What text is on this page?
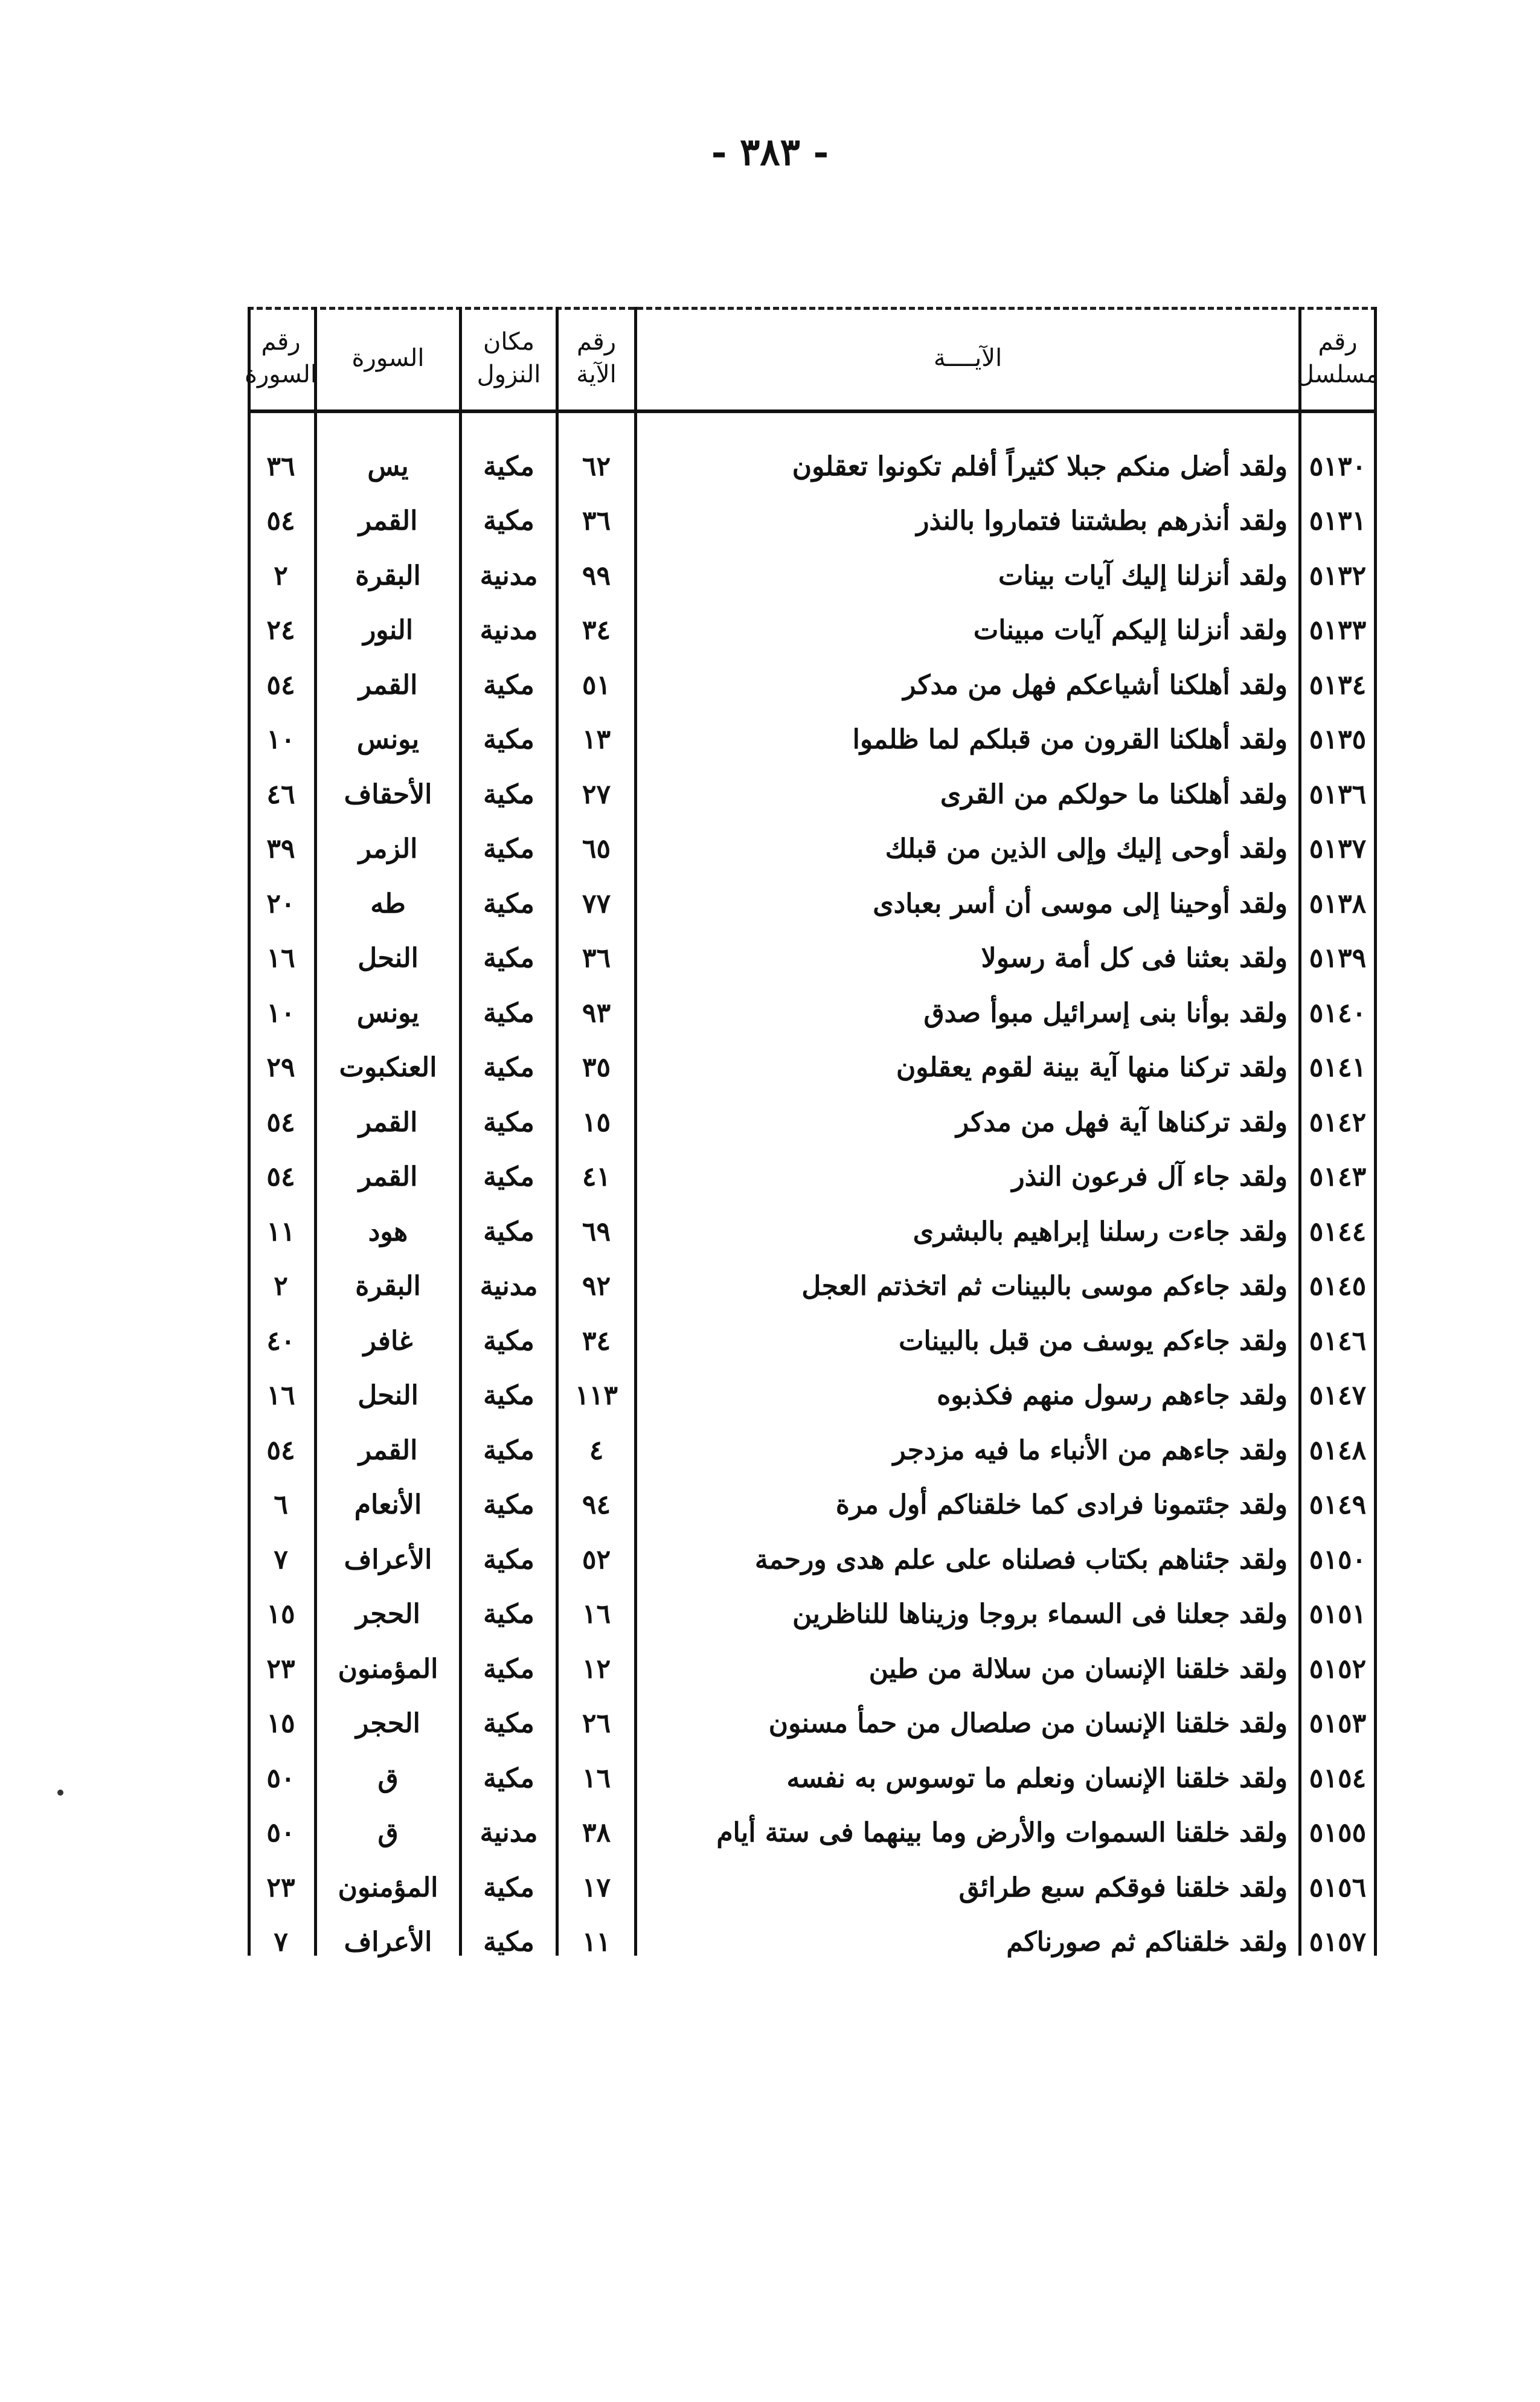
- ٣٨٣ -
رقم
مسلسل
الآيــــة
رقم
الآية
مكان
النزول
السورة
رقم
السورة
٥١٣٠
ولقد أضل منكم جبلا كثيراً أفلم تكونوا تعقلون
٦٢
مكية
يس
٣٦
٥١٣١
ولقد أنذرهم بطشتنا فتماروا بالنذر
٣٦
مكية
القمر
٥٤
٥١٣٢
ولقد أنزلنا إليك آيات بينات
٩٩
مدنية
البقرة
٢
٥١٣٣
ولقد أنزلنا إليكم آيات مبينات
٣٤
مدنية
النور
٢٤
٥١٣٤
ولقد أهلكنا أشياعكم فهل من مدكر
٥١
مكية
القمر
٥٤
٥١٣٥
ولقد أهلكنا القرون من قبلكم لما ظلموا
١٣
مكية
يونس
١٠
٥١٣٦
ولقد أهلكنا ما حولكم من القرى
٢٧
مكية
الأحقاف
٤٦
٥١٣٧
ولقد أوحى إليك وإلى الذين من قبلك
٦٥
مكية
الزمر
٣٩
٥١٣٨
ولقد أوحينا إلى موسى أن أسر بعبادى
٧٧
مكية
طه
٢٠
٥١٣٩
ولقد بعثنا فى كل أمة رسولا
٣٦
مكية
النحل
١٦
٥١٤٠
ولقد بوأنا بنى إسرائيل مبوأ صدق
٩٣
مكية
يونس
١٠
٥١٤١
ولقد تركنا منها آية بينة لقوم يعقلون
٣٥
مكية
العنكبوت
٢٩
٥١٤٢
ولقد تركناها آية فهل من مدكر
١٥
مكية
القمر
٥٤
٥١٤٣
ولقد جاء آل فرعون النذر
٤١
مكية
القمر
٥٤
٥١٤٤
ولقد جاءت رسلنا إبراهيم بالبشرى
٦٩
مكية
هود
١١
٥١٤٥
ولقد جاءكم موسى بالبينات ثم اتخذتم العجل
٩٢
مدنية
البقرة
٢
٥١٤٦
ولقد جاءكم يوسف من قبل بالبينات
٣٤
مكية
غافر
٤٠
٥١٤٧
ولقد جاءهم رسول منهم فكذبوه
١١٣
مكية
النحل
١٦
٥١٤٨
ولقد جاءهم من الأنباء ما فيه مزدجر
٤
مكية
القمر
٥٤
٥١٤٩
ولقد جئتمونا فرادى كما خلقناكم أول مرة
٩٤
مكية
الأنعام
٦
٥١٥٠
ولقد جئناهم بكتاب فصلناه على علم هدى ورحمة
٥٢
مكية
الأعراف
٧
٥١٥١
ولقد جعلنا فى السماء بروجا وزيناها للناظرين
١٦
مكية
الحجر
١٥
٥١٥٢
ولقد خلقنا الإنسان من سلالة من طين
١٢
مكية
المؤمنون
٢٣
٥١٥٣
ولقد خلقنا الإنسان من صلصال من حمأ مسنون
٢٦
مكية
الحجر
١٥
٥١٥٤
ولقد خلقنا الإنسان ونعلم ما توسوس به نفسه
١٦
مكية
ق
٥٠
٥١٥٥
ولقد خلقنا السموات والأرض وما بينهما فى ستة أيام
٣٨
مدنية
ق
٥٠
٥١٥٦
ولقد خلقنا فوقكم سبع طرائق
١٧
مكية
المؤمنون
٢٣
٥١٥٧
ولقد خلقناكم ثم صورناكم
١١
مكية
الأعراف
٧
